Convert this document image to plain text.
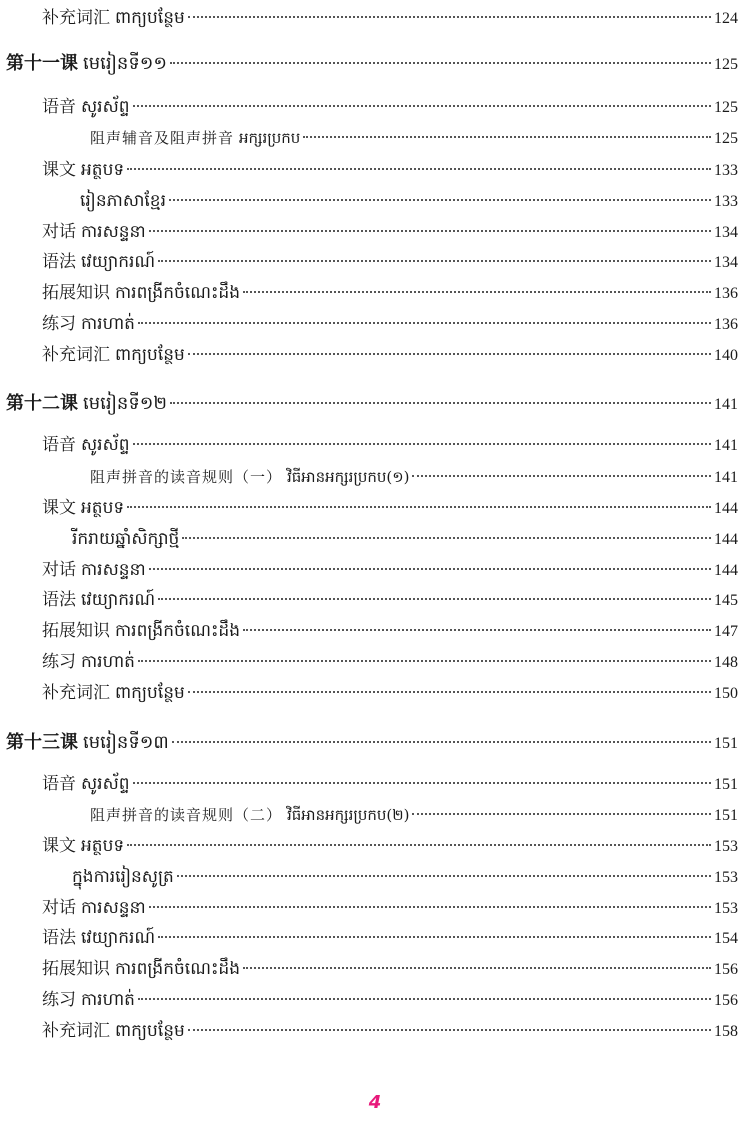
补充词汇 ពាក្យបន្ថែម	124
第十一课 មេរៀនទី១១	125
语音 សូរស័ព្ទ	125
阻声辅音及阻声拼音 អក្សរប្រកប	125
课文 អត្ថបទ	133
រៀនភាសាខ្មែរ	133
对话 ការសន្ទនា	134
语法 វេយ្យាករណ៍	134
拓展知识 ការពង្រីកចំណេះដឹង	136
练习 ការហាត់	136
补充词汇 ពាក្យបន្ថែម	140
第十二课 មេរៀនទី១២	141
语音 សូរស័ព្ទ	141
阻声拼音的读音规则（一） វិធីអានអក្សរប្រកប(១)	141
课文 អត្ថបទ	144
រីករាយឆ្នាំសិក្សាថ្មី	144
对话 ការសន្ទនា	144
语法 វេយ្យាករណ៍	145
拓展知识 ការពង្រីកចំណេះដឹង	147
练习 ការហាត់	148
补充词汇 ពាក្យបន្ថែម	150
第十三课 មេរៀនទី១៣	151
语音 សូរស័ព្ទ	151
阻声拼音的读音规则（二） វិធីអានអក្សរប្រកប(២)	151
课文 អត្ថបទ	153
ក្នុងការរៀនសូត្រ	153
对话 ការសន្ទនា	153
语法 វេយ្យាករណ៍	154
拓展知识 ការពង្រីកចំណេះដឹង	156
练习 ការហាត់	156
补充词汇 ពាក្យបន្ថែម	158
4
